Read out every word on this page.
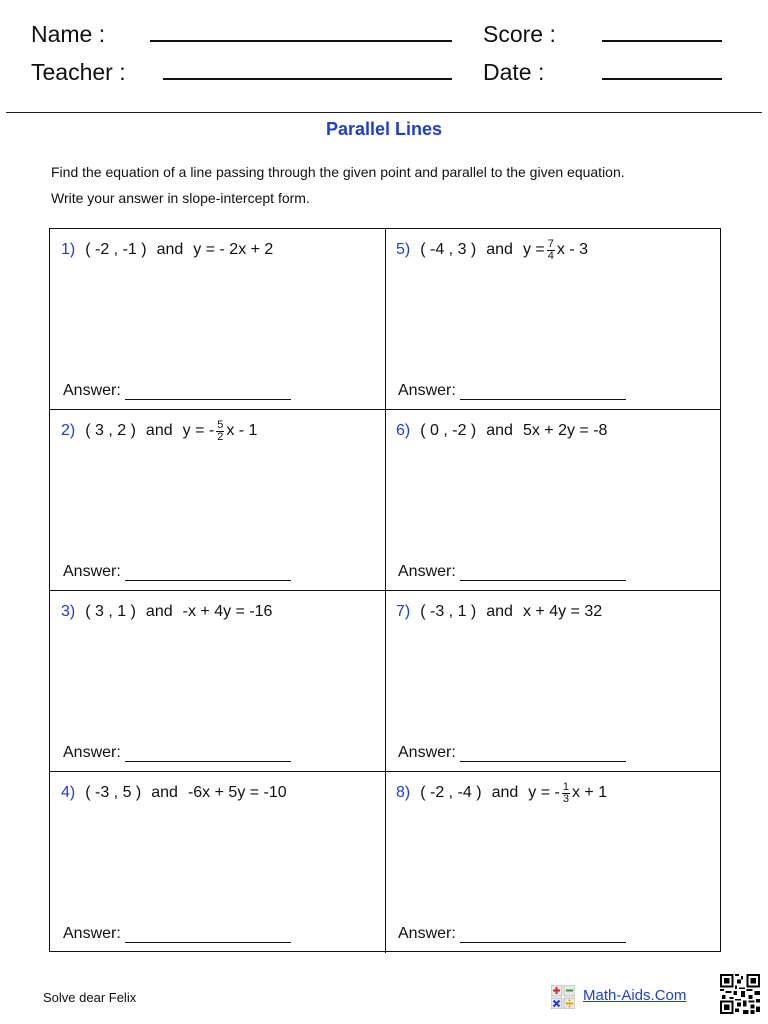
Name :
Teacher :
Score :
Date :
Parallel Lines
Find the equation of a line passing through the given point and parallel to the given equation.
Write your answer in slope-intercept form.
1) ( -2 , -1 ) and y = - 2x + 2
Answer:
5) ( -4 , 3 ) and $y = \frac{7}{4}$ x - 3
Answer:
2) ( 3 , 2 ) and y = - $\frac{5}{2}$ x - 1
Answer:
6) ( 0 , -2 ) and 5x + 2y = -8
Answer:
3) ( 3 , 1 ) and -x + 4y = -16
Answer:
7) ( -3 , 1 ) and x + 4y = 32
Answer:
4) ( -3 , 5 ) and -6x + 5y = -10
Answer:
8) ( -2 , -4 ) and y = - $\frac{1}{3}$ x + 1
Answer:
Solve dear Felix	Math-Aids.Com
